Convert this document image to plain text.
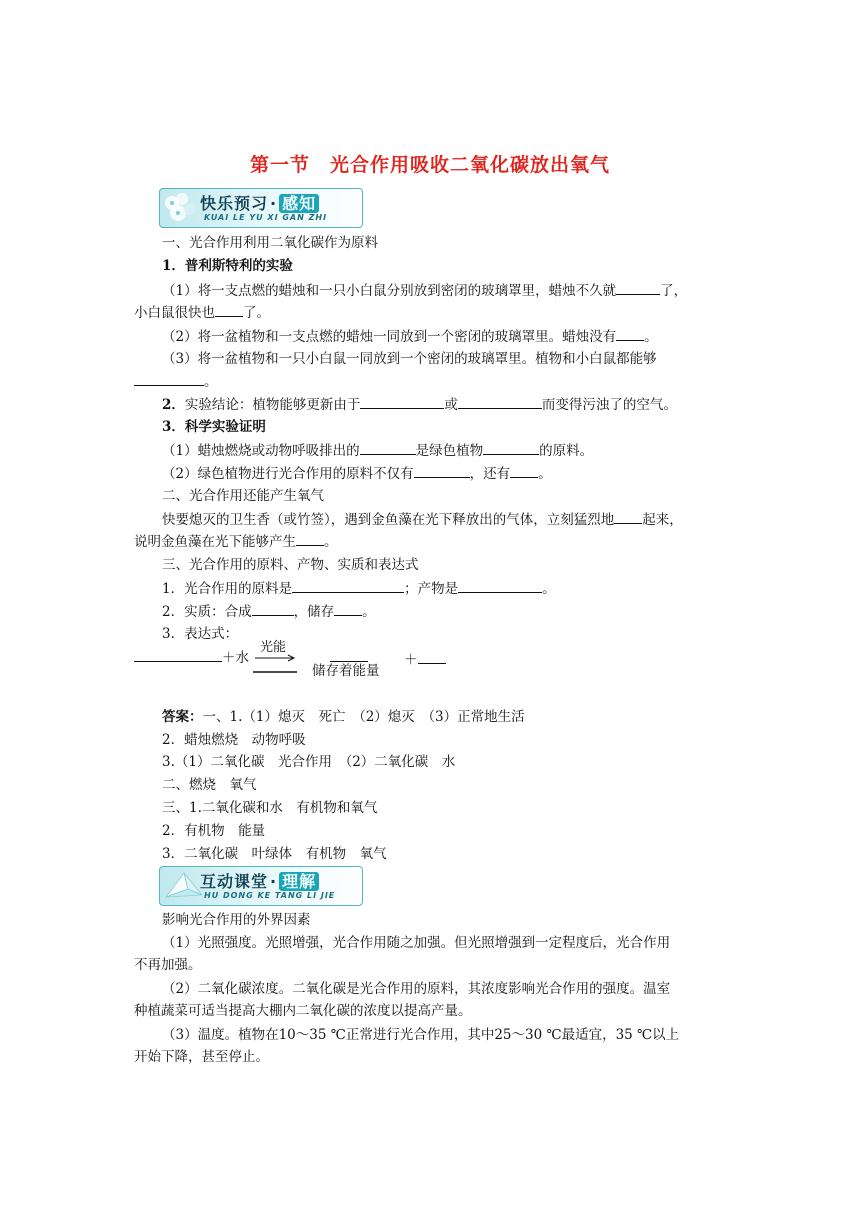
第一节　光合作用吸收二氧化碳放出氧气
快乐预习 · 感知
KUAI LE YU XI GAN ZHI
一、光合作用利用二氧化碳作为原料
1．普利斯特利的实验
（1）将一支点燃的蜡烛和一只小白鼠分别放到密闭的玻璃罩里，蜡烛不久就	了，
小白鼠很快也 了。
（2）将一盆植物和一支点燃的蜡烛一同放到一个密闭的玻璃罩里。蜡烛没有 。
（3）将一盆植物和一只小白鼠一同放到一个密闭的玻璃罩里。植物和小白鼠都能够
。
2．实验结论：植物能够更新由于	或	而变得污浊了的空气。
3．科学实验证明
（1）蜡烛燃烧或动物呼吸排出的	是绿色植物	的原料。
（2）绿色植物进行光合作用的原料不仅有	，还有 。
二、光合作用还能产生氧气
快要熄灭的卫生香（或竹签），遇到金鱼藻在光下释放出的气体，立刻猛烈地 起来，
说明金鱼藻在光下能够产生 。
三、光合作用的原料、产物、实质和表达式
1．光合作用的原料是	；产物是	。
2．实质：合成	，储存 。
3．表达式：
＋水
光能
储存着能量
＋
答案：一、1.（1）熄灭　死亡　（2）熄灭　（3）正常地生活
2．蜡烛燃烧　动物呼吸
3.（1）二氧化碳　光合作用　（2）二氧化碳　水
二、燃烧　氧气
三、1.二氧化碳和水　有机物和氧气
2．有机物　能量
3．二氧化碳　叶绿体　有机物　氧气
互动课堂 · 理解
HU DONG KE TANG LI JIE
影响光合作用的外界因素
（1）光照强度。光照增强，光合作用随之加强。但光照增强到一定程度后，光合作用
不再加强。
（2）二氧化碳浓度。二氧化碳是光合作用的原料，其浓度影响光合作用的强度。温室
种植蔬菜可适当提高大棚内二氧化碳的浓度以提高产量。
（3）温度。植物在10～35 ℃正常进行光合作用，其中25～30 ℃最适宜，35 ℃以上
开始下降，甚至停止。
